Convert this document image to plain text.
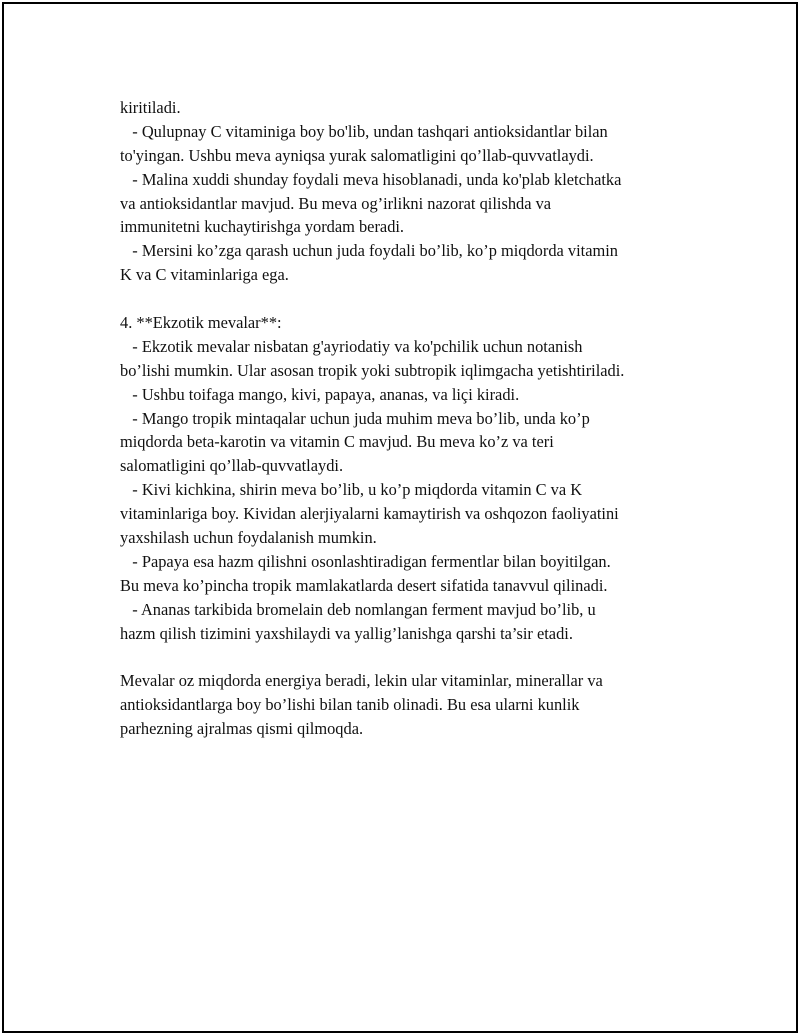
kiritiladi.
- Qulupnay C vitaminiga boy bo'lib, undan tashqari antioksidantlar bilan
to'yingan. Ushbu meva ayniqsa yurak salomatligini qo’llab-quvvatlaydi.
- Malina xuddi shunday foydali meva hisoblanadi, unda ko'plab kletchatka
va antioksidantlar mavjud. Bu meva og’irlikni nazorat qilishda va
immunitetni kuchaytirishga yordam beradi.
- Mersini ko’zga qarash uchun juda foydali bo’lib, ko’p miqdorda vitamin
K va C vitaminlariga ega.
4. **Ekzotik mevalar**:
- Ekzotik mevalar nisbatan g'ayriodatiy va ko'pchilik uchun notanish
bo’lishi mumkin. Ular asosan tropik yoki subtropik iqlimgacha yetishtiriladi.
- Ushbu toifaga mango, kivi, papaya, ananas, va liçi kiradi.
- Mango tropik mintaqalar uchun juda muhim meva bo’lib, unda ko’p
miqdorda beta-karotin va vitamin C mavjud. Bu meva ko’z va teri
salomatligini qo’llab-quvvatlaydi.
- Kivi kichkina, shirin meva bo’lib, u ko’p miqdorda vitamin C va K
vitaminlariga boy. Kividan alerjiyalarni kamaytirish va oshqozon faoliyatini
yaxshilash uchun foydalanish mumkin.
- Papaya esa hazm qilishni osonlashtiradigan fermentlar bilan boyitilgan.
Bu meva ko’pincha tropik mamlakatlarda desert sifatida tanavvul qilinadi.
- Ananas tarkibida bromelain deb nomlangan ferment mavjud bo’lib, u
hazm qilish tizimini yaxshilaydi va yallig’lanishga qarshi ta’sir etadi.
Mevalar oz miqdorda energiya beradi, lekin ular vitaminlar, minerallar va
antioksidantlarga boy bo’lishi bilan tanib olinadi. Bu esa ularni kunlik
parhezning ajralmas qismi qilmoqda.
